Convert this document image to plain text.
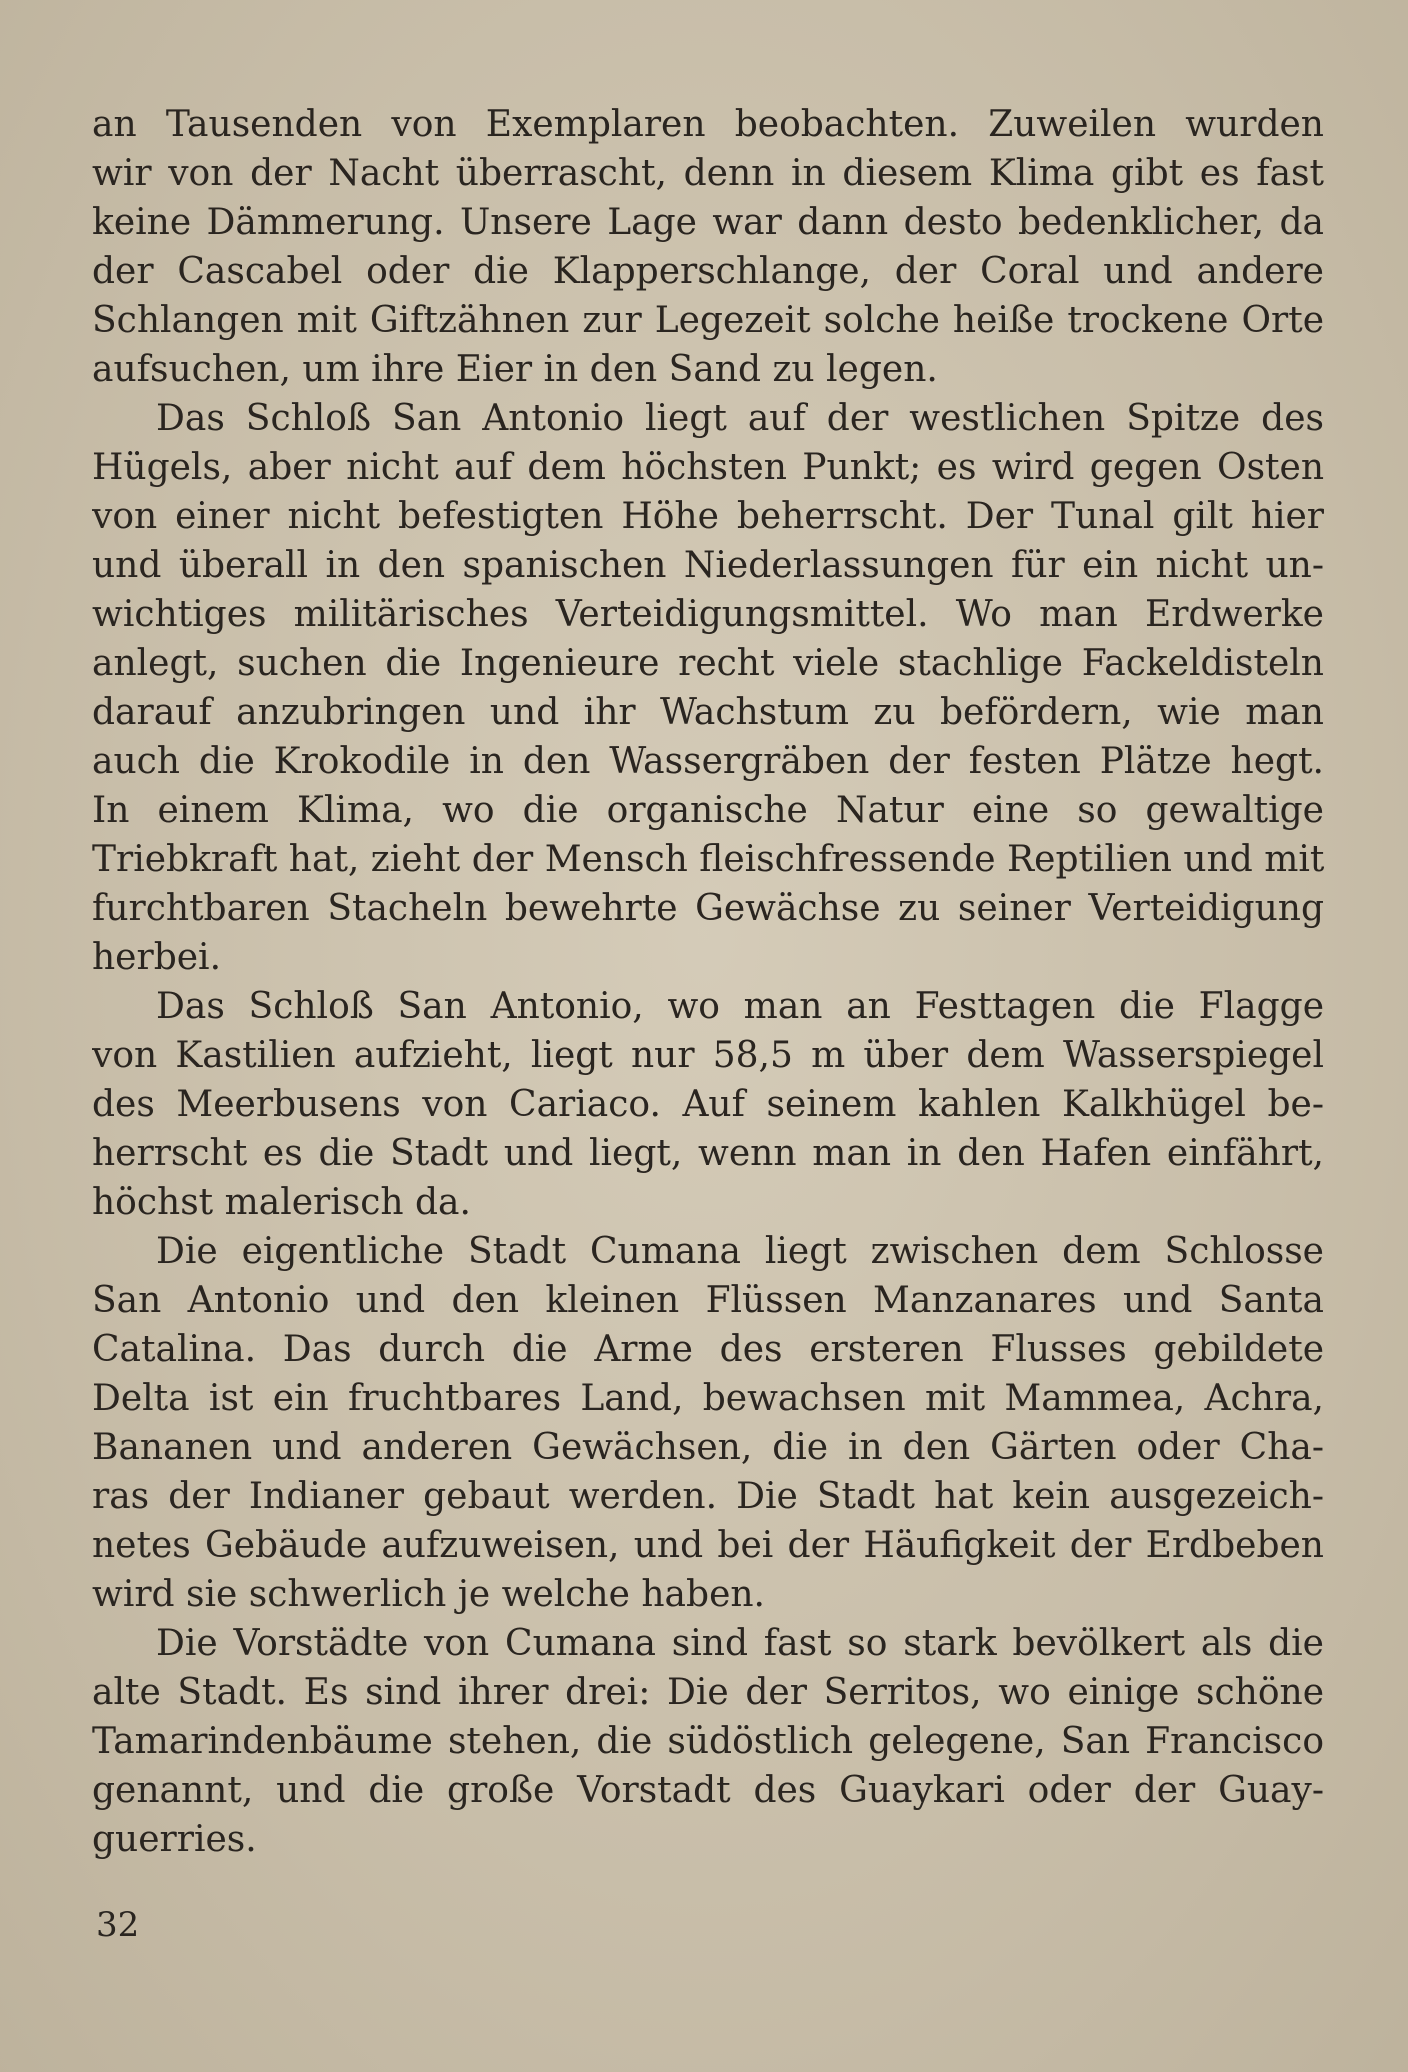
an Tausenden von Exemplaren beobachten. Zuweilen wurden
wir von der Nacht überrascht, denn in diesem Klima gibt es fast
keine Dämmerung. Unsere Lage war dann desto bedenklicher, da
der Cascabel oder die Klapperschlange, der Coral und andere
Schlangen mit Giftzähnen zur Legezeit solche heiße trockene Orte
aufsuchen, um ihre Eier in den Sand zu legen.
Das Schloß San Antonio liegt auf der westlichen Spitze des
Hügels, aber nicht auf dem höchsten Punkt; es wird gegen Osten
von einer nicht befestigten Höhe beherrscht. Der Tunal gilt hier
und überall in den spanischen Niederlassungen für ein nicht un-
wichtiges militärisches Verteidigungsmittel. Wo man Erdwerke
anlegt, suchen die Ingenieure recht viele stachlige Fackeldisteln
darauf anzubringen und ihr Wachstum zu befördern, wie man
auch die Krokodile in den Wassergräben der festen Plätze hegt.
In einem Klima, wo die organische Natur eine so gewaltige
Triebkraft hat, zieht der Mensch fleischfressende Reptilien und mit
furchtbaren Stacheln bewehrte Gewächse zu seiner Verteidigung
herbei.
Das Schloß San Antonio, wo man an Festtagen die Flagge
von Kastilien aufzieht, liegt nur 58,5 m über dem Wasserspiegel
des Meerbusens von Cariaco. Auf seinem kahlen Kalkhügel be-
herrscht es die Stadt und liegt, wenn man in den Hafen einfährt,
höchst malerisch da.
Die eigentliche Stadt Cumana liegt zwischen dem Schlosse
San Antonio und den kleinen Flüssen Manzanares und Santa
Catalina. Das durch die Arme des ersteren Flusses gebildete
Delta ist ein fruchtbares Land, bewachsen mit Mammea, Achra,
Bananen und anderen Gewächsen, die in den Gärten oder Cha-
ras der Indianer gebaut werden. Die Stadt hat kein ausgezeich-
netes Gebäude aufzuweisen, und bei der Häufigkeit der Erdbeben
wird sie schwerlich je welche haben.
Die Vorstädte von Cumana sind fast so stark bevölkert als die
alte Stadt. Es sind ihrer drei: Die der Serritos, wo einige schöne
Tamarindenbäume stehen, die südöstlich gelegene, San Francisco
genannt, und die große Vorstadt des Guaykari oder der Guay-
guerries.
32
